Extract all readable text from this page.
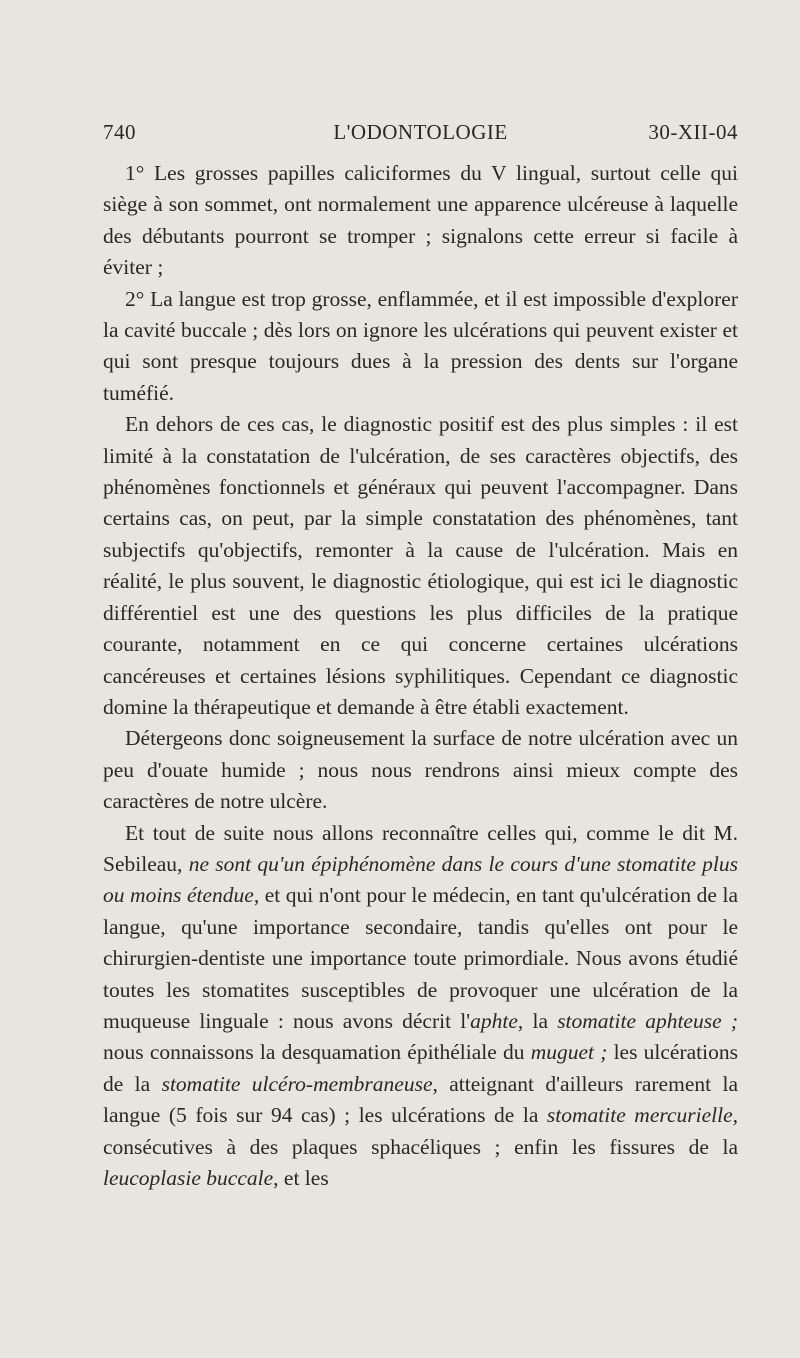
740	L'ODONTOLOGIE	30-XII-04

1° Les grosses papilles caliciformes du V lingual, surtout celle qui siège à son sommet, ont normalement une apparence ulcéreuse à laquelle des débutants pourront se tromper ; signalons cette erreur si facile à éviter ;

2° La langue est trop grosse, enflammée, et il est impossible d'explorer la cavité buccale ; dès lors on ignore les ulcérations qui peuvent exister et qui sont presque toujours dues à la pression des dents sur l'organe tuméfié.

En dehors de ces cas, le diagnostic positif est des plus simples : il est limité à la constatation de l'ulcération, de ses caractères objectifs, des phénomènes fonctionnels et généraux qui peuvent l'accompagner. Dans certains cas, on peut, par la simple constatation des phénomènes, tant subjectifs qu'objectifs, remonter à la cause de l'ulcération. Mais en réalité, le plus souvent, le diagnostic étiologique, qui est ici le diagnostic différentiel est une des questions les plus difficiles de la pratique courante, notamment en ce qui concerne certaines ulcérations cancéreuses et certaines lésions syphilitiques. Cependant ce diagnostic domine la thérapeutique et demande à être établi exactement.

Détergeons donc soigneusement la surface de notre ulcération avec un peu d'ouate humide ; nous nous rendrons ainsi mieux compte des caractères de notre ulcère.

Et tout de suite nous allons reconnaître celles qui, comme le dit M. Sebileau, ne sont qu'un épiphénomène dans le cours d'une stomatite plus ou moins étendue, et qui n'ont pour le médecin, en tant qu'ulcération de la langue, qu'une importance secondaire, tandis qu'elles ont pour le chirurgien-dentiste une importance toute primordiale. Nous avons étudié toutes les stomatites susceptibles de provoquer une ulcération de la muqueuse linguale : nous avons décrit l'aphte, la stomatite aphteuse ; nous connaissons la desquamation épithéliale du muguet ; les ulcérations de la stomatite ulcéro-membraneuse, atteignant d'ailleurs rarement la langue (5 fois sur 94 cas) ; les ulcérations de la stomatite mercurielle, consécutives à des plaques sphacéliques ; enfin les fissures de la leucoplasie buccale, et les
